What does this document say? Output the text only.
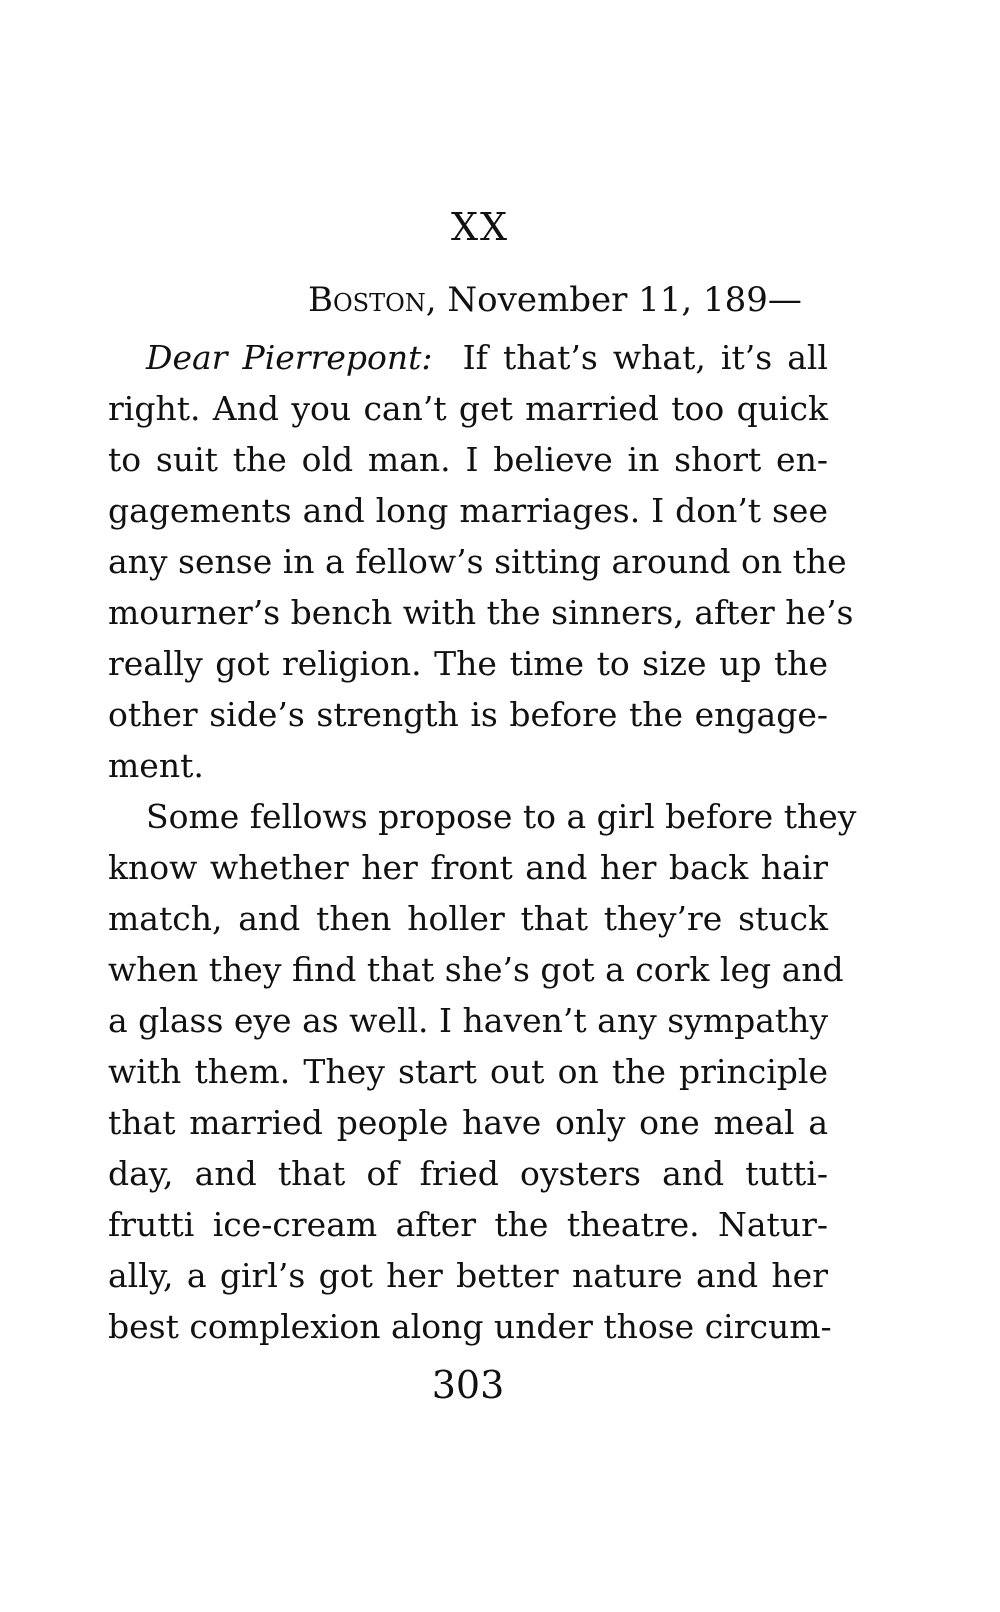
XX
Boston, November 11, 189—
Dear Pierrepont: If that’s what, it’s all
right. And you can’t get married too quick
to suit the old man. I believe in short en-
gagements and long marriages. I don’t see
any sense in a fellow’s sitting around on the
mourner’s bench with the sinners, after he’s
really got religion. The time to size up the
other side’s strength is before the engage-
ment.
Some fellows propose to a girl before they
know whether her front and her back hair
match, and then holler that they’re stuck
when they find that she’s got a cork leg and
a glass eye as well. I haven’t any sympathy
with them. They start out on the principle
that married people have only one meal a
day, and that of fried oysters and tutti-
frutti ice-cream after the theatre. Natur-
ally, a girl’s got her better nature and her
best complexion along under those circum-
303
